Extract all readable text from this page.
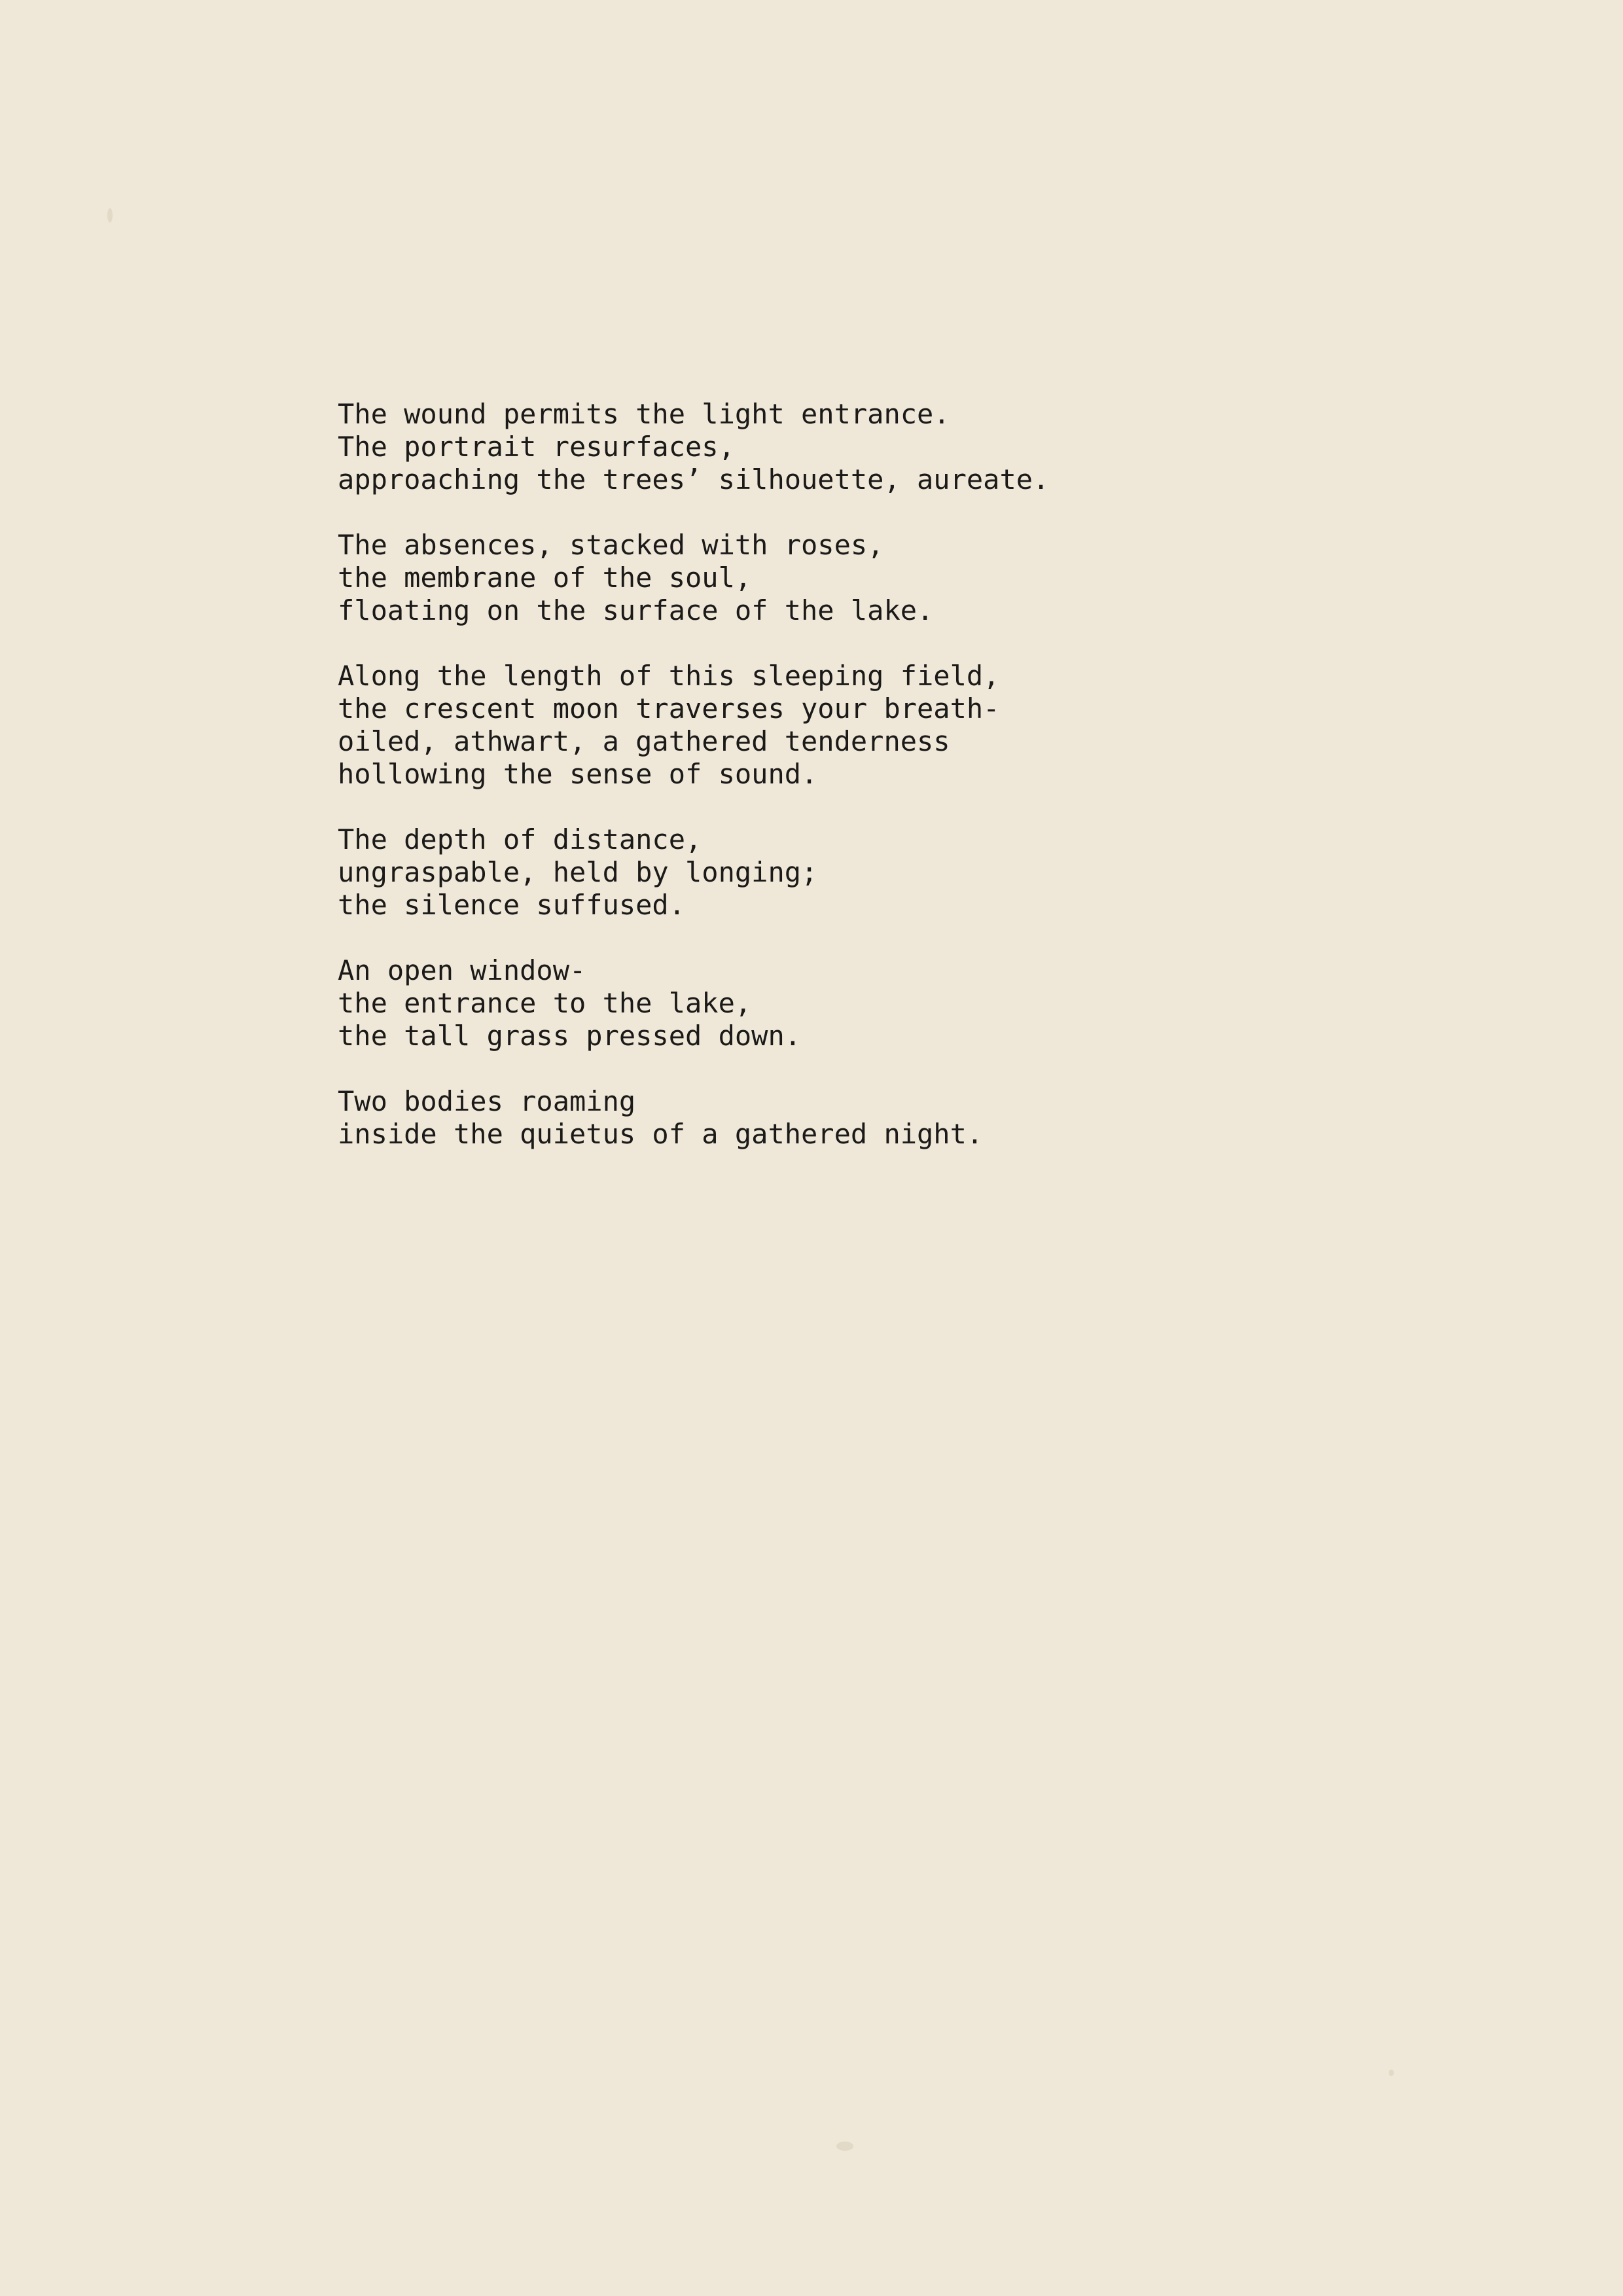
The wound permits the light entrance.
The portrait resurfaces,
approaching the trees’ silhouette, aureate.
The absences, stacked with roses,
the membrane of the soul,
floating on the surface of the lake.
Along the length of this sleeping field,
the crescent moon traverses your breath-
oiled, athwart, a gathered tenderness
hollowing the sense of sound.
The depth of distance,
ungraspable, held by longing;
the silence suffused.
An open window-
the entrance to the lake,
the tall grass pressed down.
Two bodies roaming
inside the quietus of a gathered night.
